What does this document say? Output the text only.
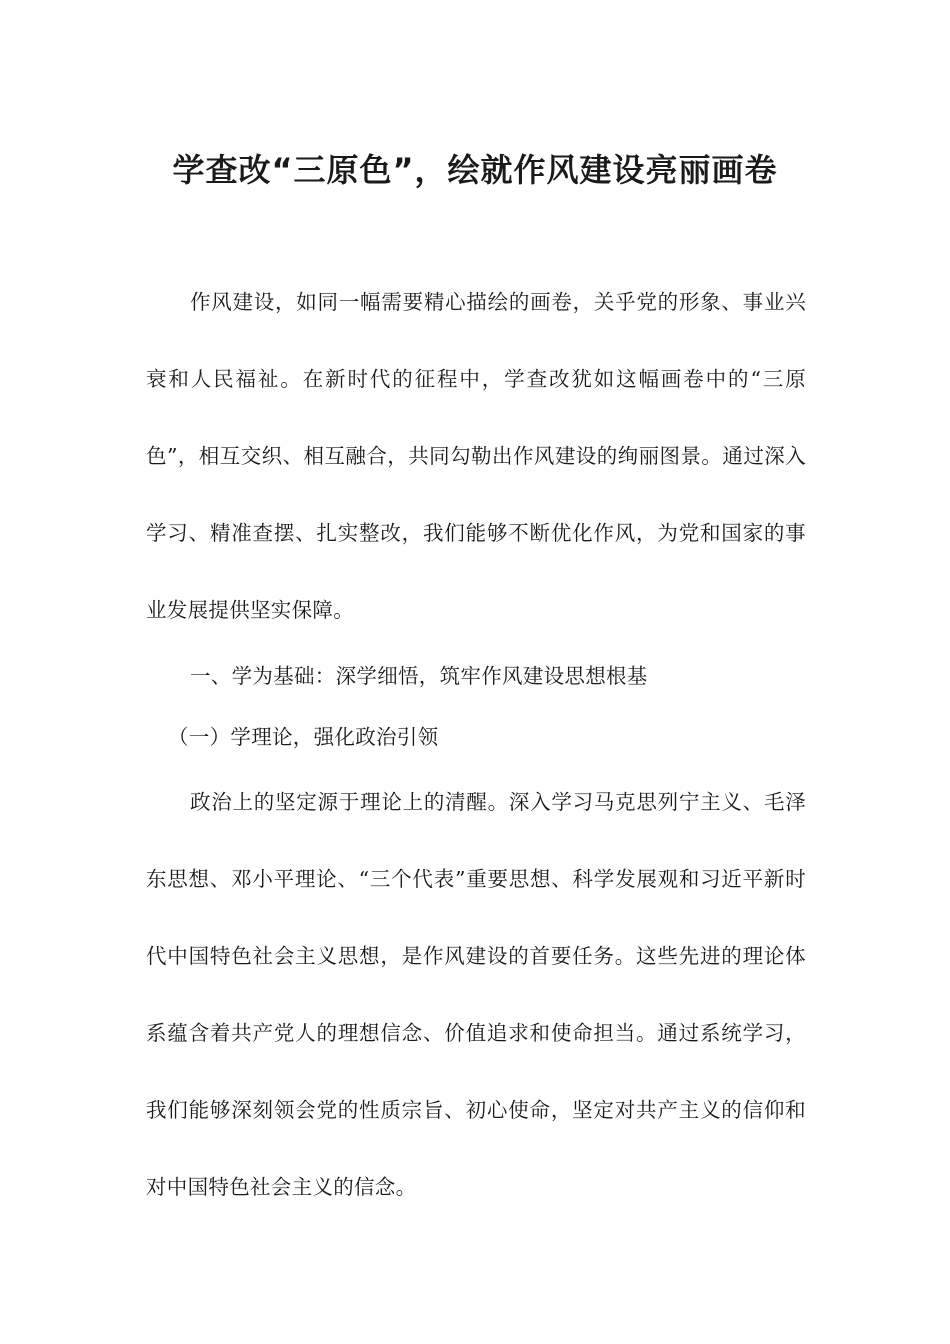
学查改“三原色”，绘就作风建设亮丽画卷
作风建设，如同一幅需要精心描绘的画卷，关乎党的形象、事业兴衰和人民福祉。在新时代的征程中，学查改犹如这幅画卷中的“三原色”，相互交织、相互融合，共同勾勒出作风建设的绚丽图景。通过深入学习、精准查摆、扎实整改，我们能够不断优化作风，为党和国家的事业发展提供坚实保障。
一、学为基础：深学细悟，筑牢作风建设思想根基
（一）学理论，强化政治引领
政治上的坚定源于理论上的清醒。深入学习马克思列宁主义、毛泽东思想、邓小平理论、“三个代表”重要思想、科学发展观和习近平新时代中国特色社会主义思想，是作风建设的首要任务。这些先进的理论体系蕴含着共产党人的理想信念、价值追求和使命担当。通过系统学习，我们能够深刻领会党的性质宗旨、初心使命，坚定对共产主义的信仰和对中国特色社会主义的信念。
